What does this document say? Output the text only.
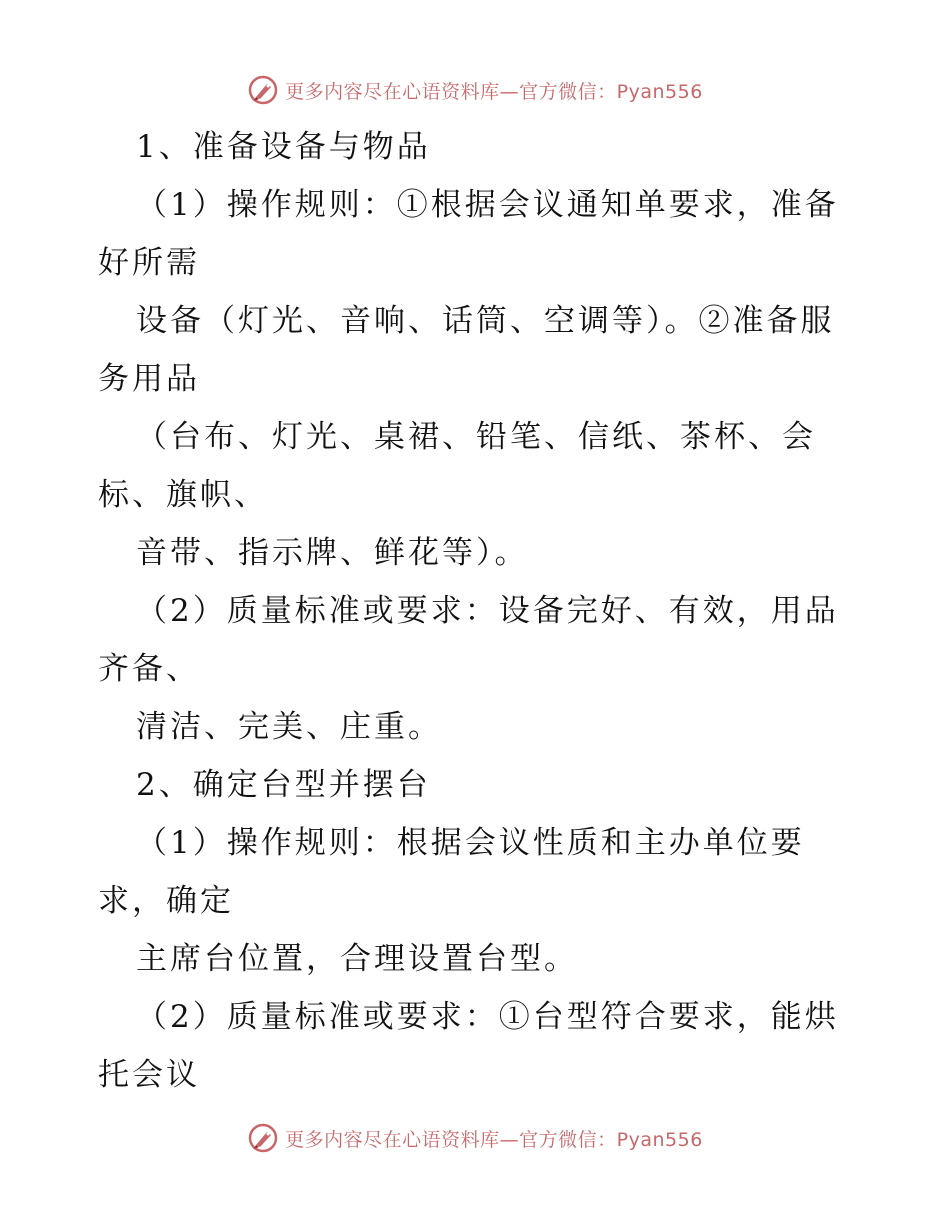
更多内容尽在心语资料库—官方微信：Pyan556
1、准备设备与物品
（1）操作规则：①根据会议通知单要求，准备
好所需
设备（灯光、音响、话筒、空调等）。②准备服
务用品
（台布、灯光、桌裙、铅笔、信纸、茶杯、会
标、旗帜、
音带、指示牌、鲜花等）。
（2）质量标准或要求：设备完好、有效，用品
齐备、
清洁、完美、庄重。
2、确定台型并摆台
（1）操作规则：根据会议性质和主办单位要
求，确定
主席台位置，合理设置台型。
（2）质量标准或要求：①台型符合要求，能烘
托会议
更多内容尽在心语资料库—官方微信：Pyan556
